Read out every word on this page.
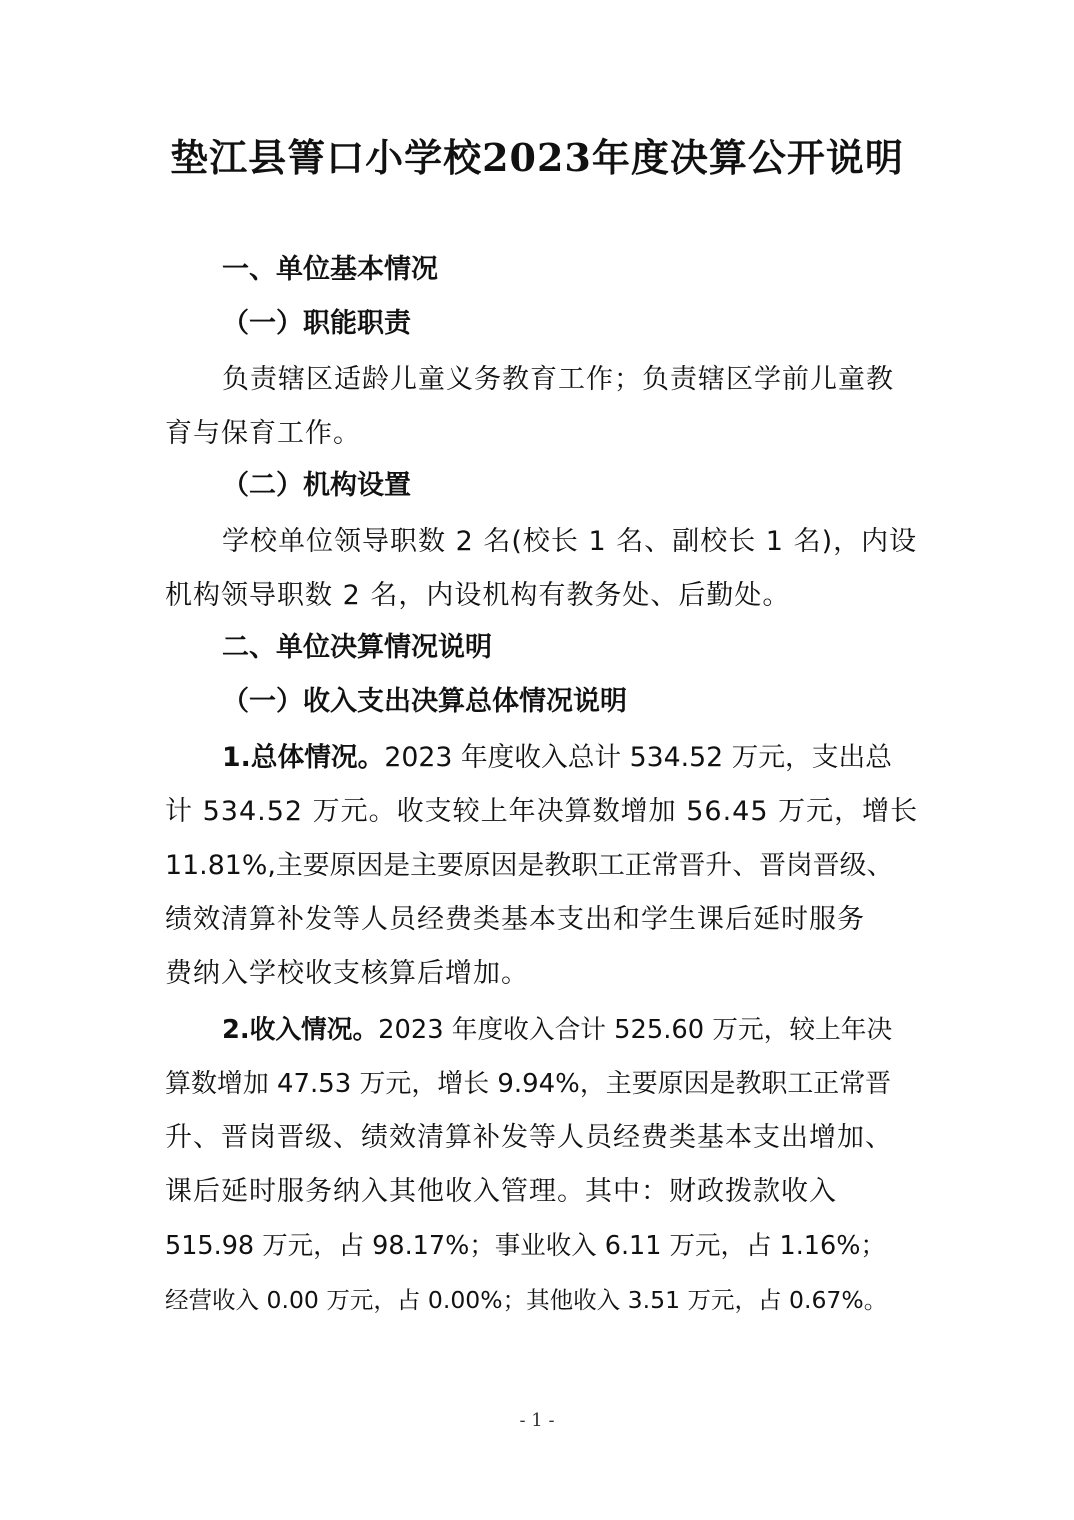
垫江县箐口小学校2023年度决算公开说明
一、单位基本情况
（一）职能职责
负责辖区适龄儿童义务教育工作；负责辖区学前儿童教
育与保育工作。
（二）机构设置
学校单位领导职数 2 名(校长 1 名、副校长 1 名)，内设
机构领导职数 2 名，内设机构有教务处、后勤处。
二、单位决算情况说明
（一）收入支出决算总体情况说明
1.总体情况。2023 年度收入总计 534.52 万元，支出总
计 534.52 万元。收支较上年决算数增加 56.45 万元，增长
11.81%,主要原因是主要原因是教职工正常晋升、晋岗晋级、
绩效清算补发等人员经费类基本支出和学生课后延时服务
费纳入学校收支核算后增加。
2.收入情况。2023 年度收入合计 525.60 万元，较上年决
算数增加 47.53 万元，增长 9.94%，主要原因是教职工正常晋
升、晋岗晋级、绩效清算补发等人员经费类基本支出增加、
课后延时服务纳入其他收入管理。其中：财政拨款收入
515.98 万元，占 98.17%；事业收入 6.11 万元，占 1.16%；
经营收入 0.00 万元，占 0.00%；其他收入 3.51 万元，占 0.67%。
- 1 -
